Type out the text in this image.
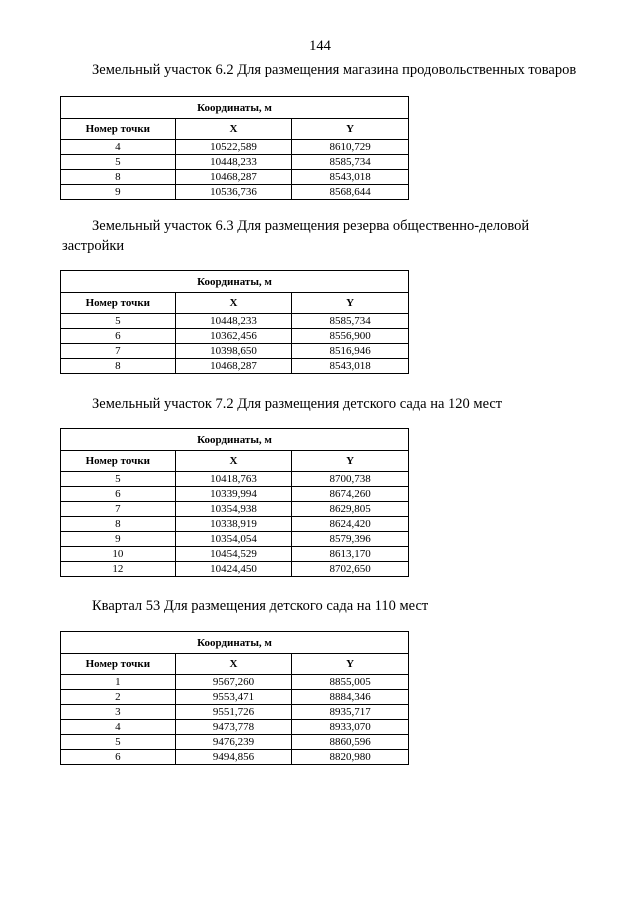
144
Земельный участок 6.2 Для размещения магазина продовольственных товаров
Координаты, м		
Номер точки	X	Y
4	10522,589	8610,729
5	10448,233	8585,734
8	10468,287	8543,018
9	10536,736	8568,644
Земельный участок 6.3 Для размещения резерва общественно-деловой застройки
Координаты, м		
Номер точки	X	Y
5	10448,233	8585,734
6	10362,456	8556,900
7	10398,650	8516,946
8	10468,287	8543,018
Земельный участок 7.2 Для размещения детского сада на 120 мест
Координаты, м		
Номер точки	X	Y
5	10418,763	8700,738
6	10339,994	8674,260
7	10354,938	8629,805
8	10338,919	8624,420
9	10354,054	8579,396
10	10454,529	8613,170
12	10424,450	8702,650
Квартал 53 Для размещения детского сада на 110 мест
Координаты, м		
Номер точки	X	Y
1	9567,260	8855,005
2	9553,471	8884,346
3	9551,726	8935,717
4	9473,778	8933,070
5	9476,239	8860,596
6	9494,856	8820,980
